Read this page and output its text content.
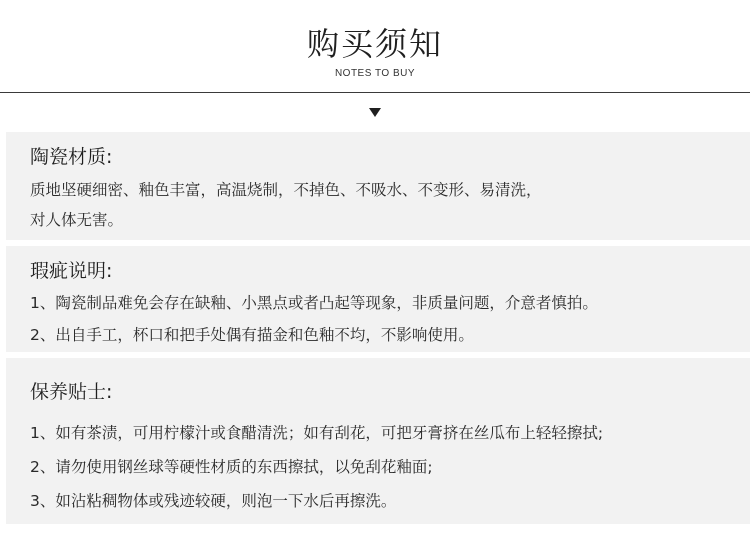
购买须知
NOTES TO BUY
陶瓷材质:
质地坚硬细密、釉色丰富，高温烧制，不掉色、不吸水、不变形、易清洗，
对人体无害。
瑕疵说明:
1、陶瓷制品难免会存在缺釉、小黑点或者凸起等现象，非质量问题，介意者慎拍。
2、出自手工，杯口和把手处偶有描金和色釉不均，不影响使用。
保养贴士:
1、如有茶渍，可用柠檬汁或食醋清洗；如有刮花，可把牙膏挤在丝瓜布上轻轻擦拭;
2、请勿使用钢丝球等硬性材质的东西擦拭，以免刮花釉面;
3、如沾粘稠物体或残迹较硬，则泡一下水后再擦洗。
